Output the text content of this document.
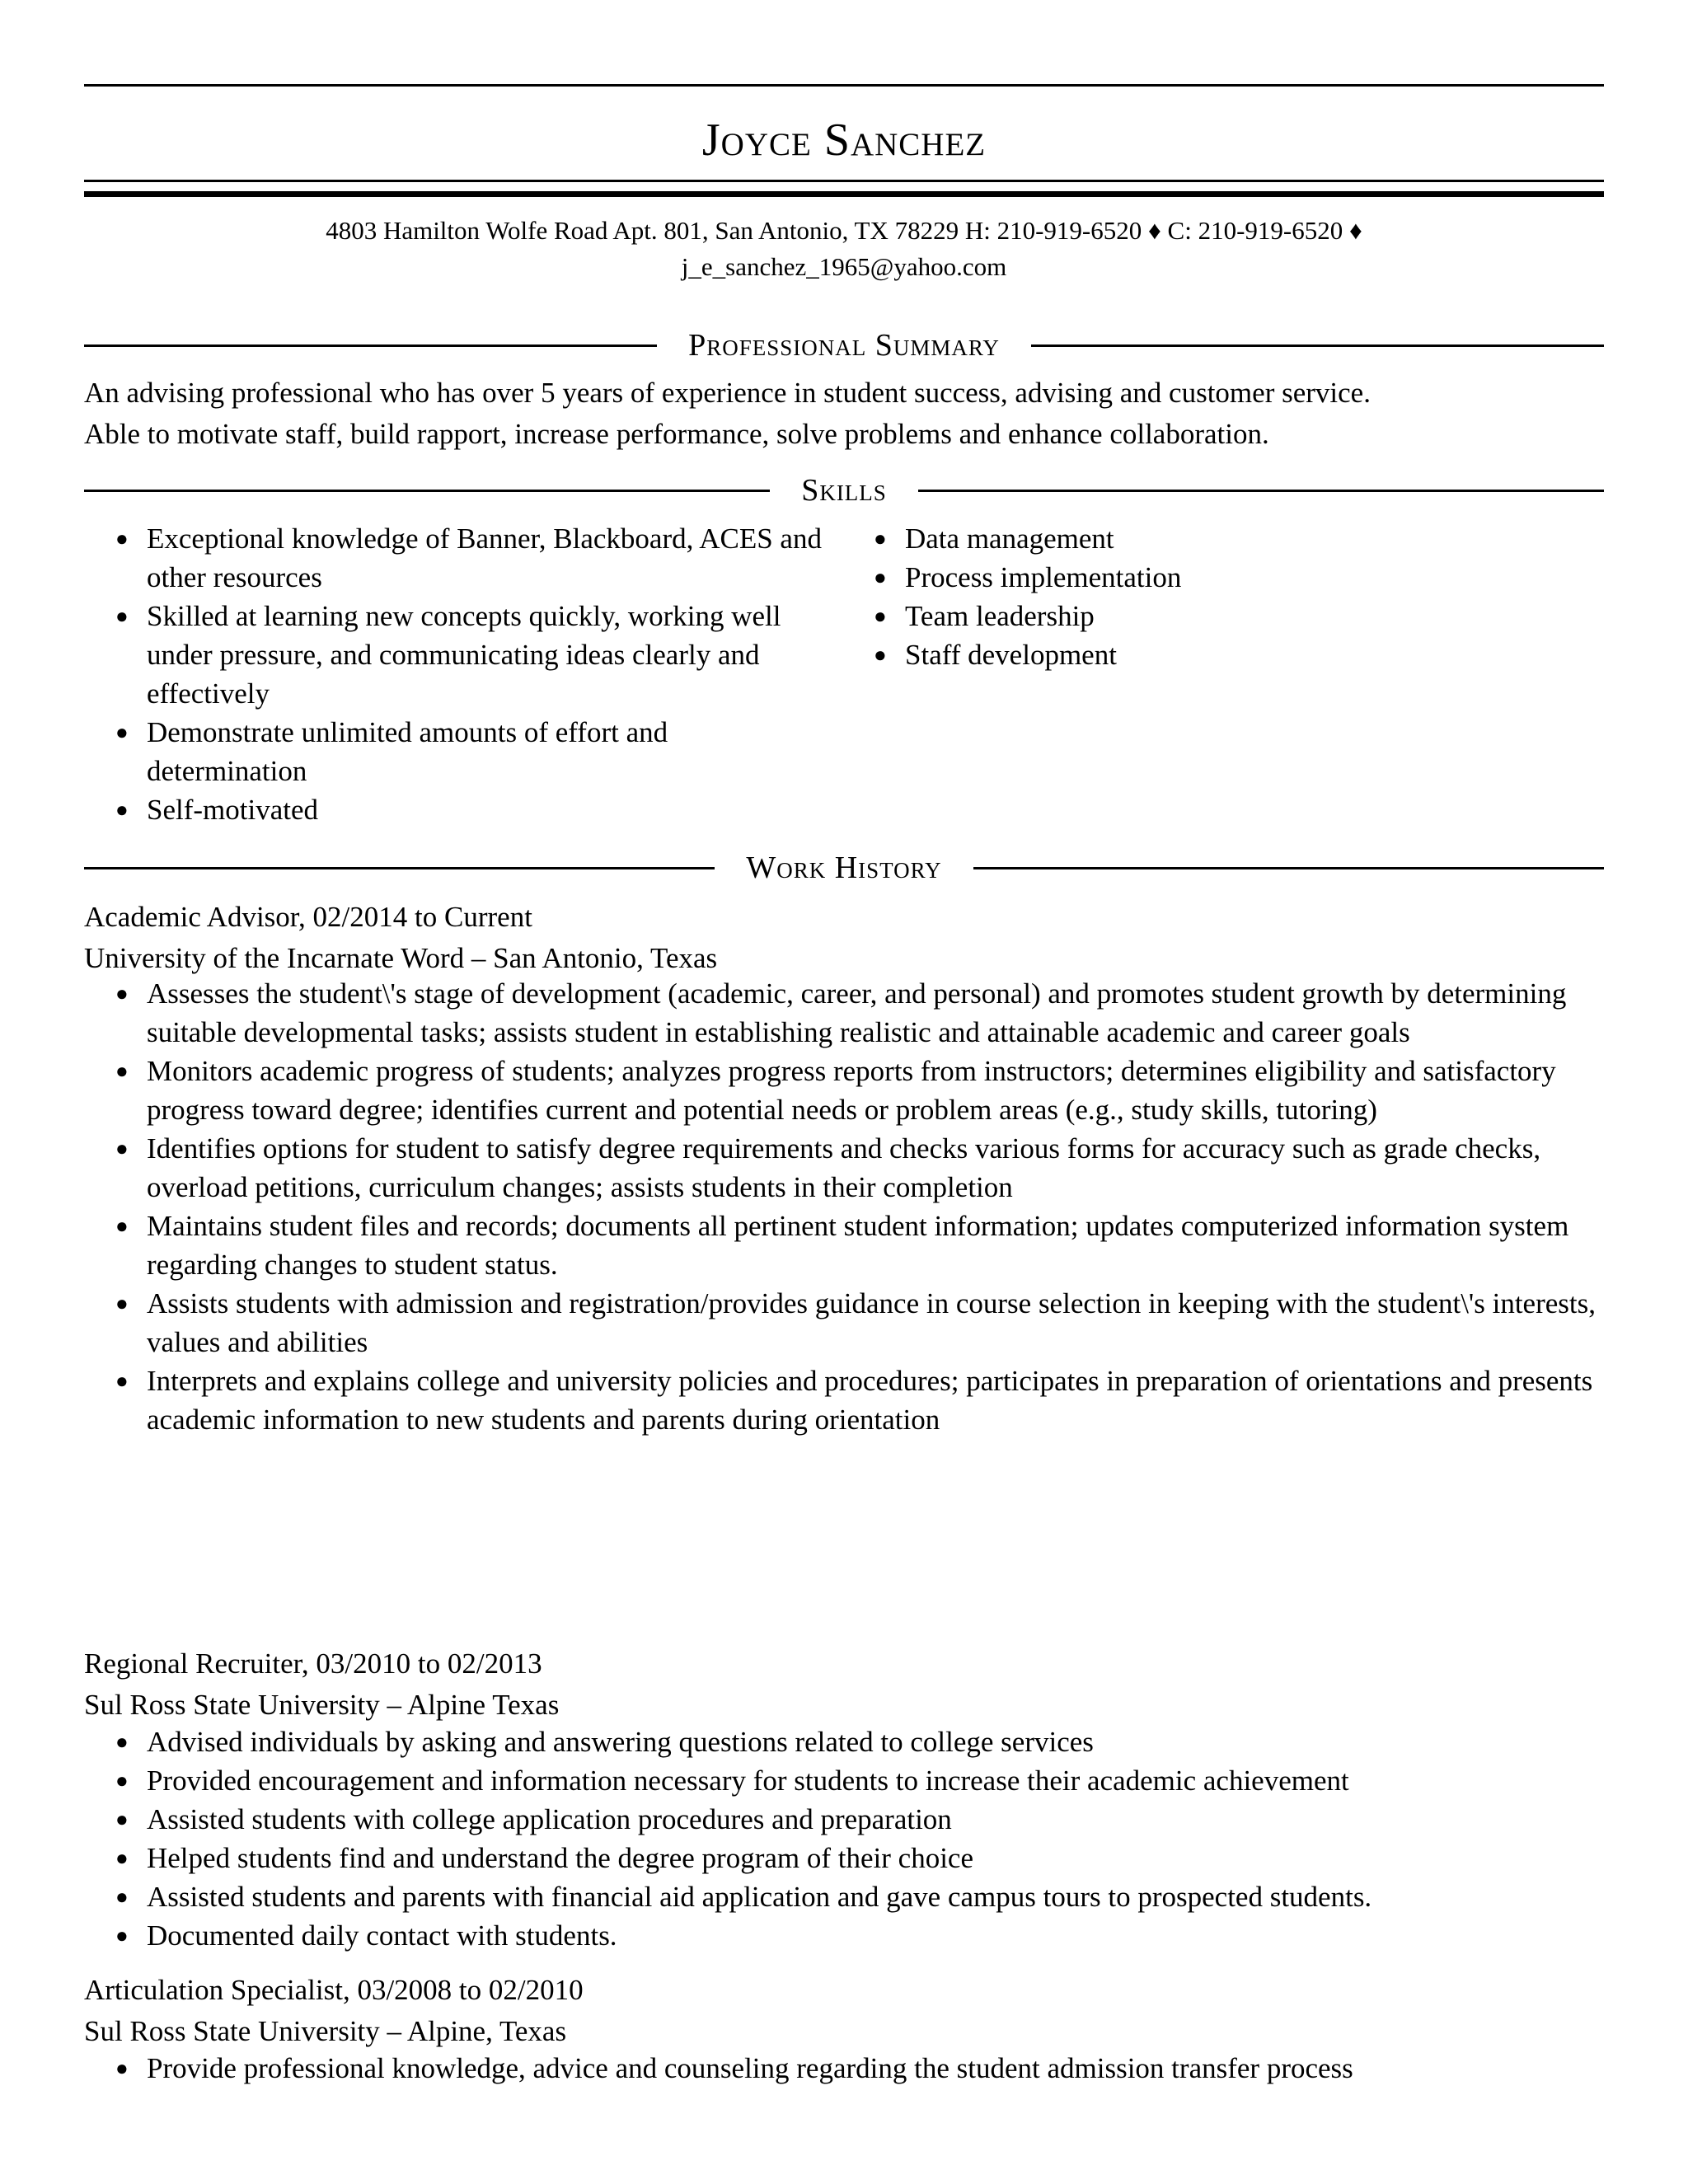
Joyce Sanchez
4803 Hamilton Wolfe Road Apt. 801, San Antonio, TX 78229 H: 210-919-6520 ♦ C: 210-919-6520 ♦
j_e_sanchez_1965@yahoo.com
Professional Summary
An advising professional who has over 5 years of experience in student success, advising and customer service.
Able to motivate staff, build rapport, increase performance, solve problems and enhance collaboration.
Skills
● Exceptional knowledge of Banner, Blackboard, ACES and other resources
● Skilled at learning new concepts quickly, working well under pressure, and communicating ideas clearly and effectively
● Demonstrate unlimited amounts of effort and determination
● Self-motivated
● Data management
● Process implementation
● Team leadership
● Staff development
Work History
Academic Advisor, 02/2014 to Current
University of the Incarnate Word – San Antonio, Texas
● Assesses the student\'s stage of development (academic, career, and personal) and promotes student growth by determining suitable developmental tasks; assists student in establishing realistic and attainable academic and career goals
● Monitors academic progress of students; analyzes progress reports from instructors; determines eligibility and satisfactory progress toward degree; identifies current and potential needs or problem areas (e.g., study skills, tutoring)
● Identifies options for student to satisfy degree requirements and checks various forms for accuracy such as grade checks, overload petitions, curriculum changes; assists students in their completion
● Maintains student files and records; documents all pertinent student information; updates computerized information system regarding changes to student status.
● Assists students with admission and registration/provides guidance in course selection in keeping with the student\'s interests, values and abilities
● Interprets and explains college and university policies and procedures; participates in preparation of orientations and presents academic information to new students and parents during orientation
Regional Recruiter, 03/2010 to 02/2013
Sul Ross State University – Alpine Texas
● Advised individuals by asking and answering questions related to college services
● Provided encouragement and information necessary for students to increase their academic achievement
● Assisted students with college application procedures and preparation
● Helped students find and understand the degree program of their choice
● Assisted students and parents with financial aid application and gave campus tours to prospected students.
● Documented daily contact with students.
Articulation Specialist, 03/2008 to 02/2010
Sul Ross State University – Alpine, Texas
● Provide professional knowledge, advice and counseling regarding the student admission transfer process
